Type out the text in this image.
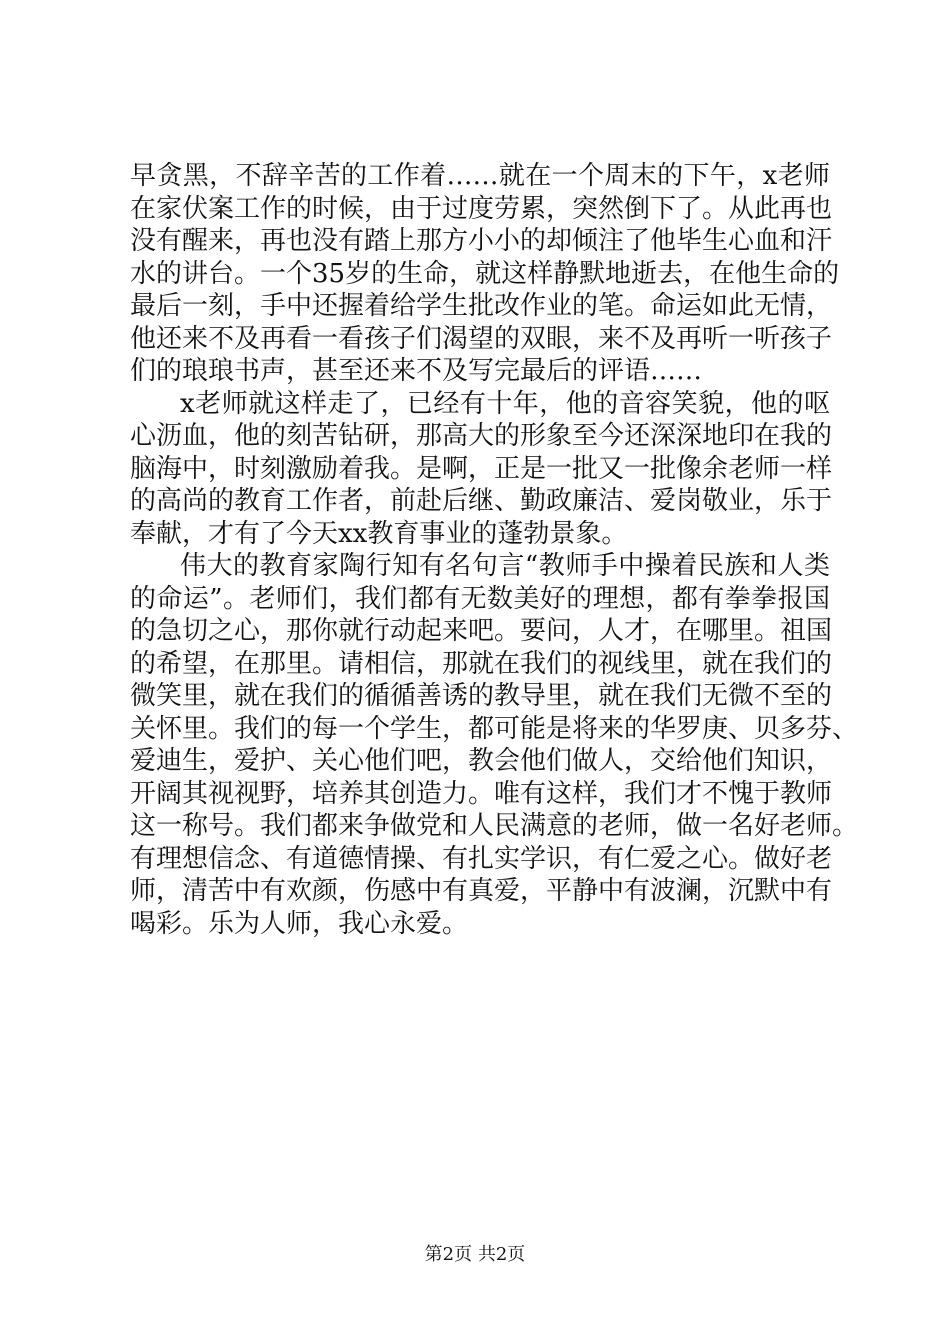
早贪黑，不辞辛苦的工作着……就在一个周末的下午，x老师
在家伏案工作的时候，由于过度劳累，突然倒下了。从此再也
没有醒来，再也没有踏上那方小小的却倾注了他毕生心血和汗
水的讲台。一个35岁的生命，就这样静默地逝去，在他生命的
最后一刻，手中还握着给学生批改作业的笔。命运如此无情，
他还来不及再看一看孩子们渴望的双眼，来不及再听一听孩子
们的琅琅书声，甚至还来不及写完最后的评语……
x老师就这样走了，已经有十年，他的音容笑貌，他的呕
心沥血，他的刻苦钻研，那高大的形象至今还深深地印在我的
脑海中，时刻激励着我。是啊，正是一批又一批像余老师一样
的高尚的教育工作者，前赴后继、勤政廉洁、爱岗敬业，乐于
奉献，才有了今天xx教育事业的蓬勃景象。
伟大的教育家陶行知有名句言“教师手中操着民族和人类
的命运”。老师们，我们都有无数美好的理想，都有拳拳报国
的急切之心，那你就行动起来吧。要问，人才，在哪里。祖国
的希望，在那里。请相信，那就在我们的视线里，就在我们的
微笑里，就在我们的循循善诱的教导里，就在我们无微不至的
关怀里。我们的每一个学生，都可能是将来的华罗庚、贝多芬、
爱迪生，爱护、关心他们吧，教会他们做人，交给他们知识，
开阔其视视野，培养其创造力。唯有这样，我们才不愧于教师
这一称号。我们都来争做党和人民满意的老师，做一名好老师。
有理想信念、有道德情操、有扎实学识，有仁爱之心。做好老
师，清苦中有欢颜，伤感中有真爱，平静中有波澜，沉默中有
喝彩。乐为人师，我心永爱。
第2页 共2页
